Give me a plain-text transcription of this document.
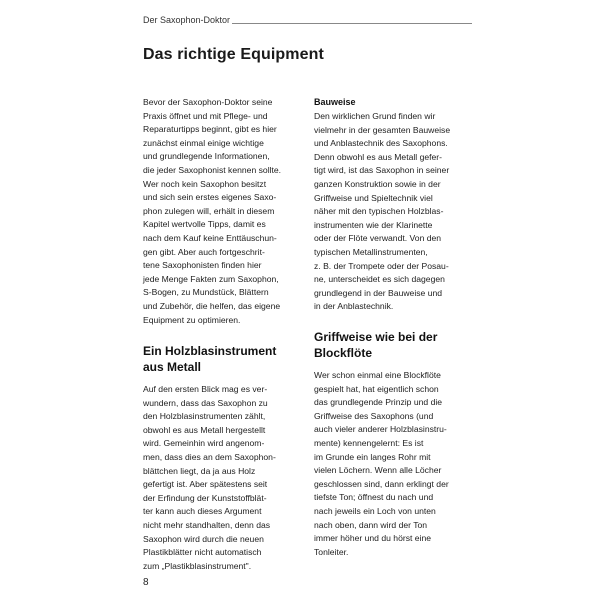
Der Saxophon-Doktor
Das richtige Equipment

Bevor der Saxophon-Doktor seine

Praxis öffnet und mit Pflege- und

Reparaturtipps beginnt, gibt es hier

zunächst einmal einige wichtige

und grundlegende Informationen,

die jeder Saxophonist kennen sollte.

Wer noch kein Saxophon besitzt

und sich sein erstes eigenes Saxo-

phon zulegen will, erhält in diesem

Kapitel wertvolle Tipps, damit es

nach dem Kauf keine Enttäuschun-

gen gibt. Aber auch fortgeschrit-

tene Saxophonisten finden hier

jede Menge Fakten zum Saxophon,

S-Bogen, zu Mundstück, Blättern

und Zubehör, die helfen, das eigene

Equipment zu optimieren.

Ein Holzblasinstrument

aus Metall

Auf den ersten Blick mag es ver-

wundern, dass das Saxophon zu

den Holzblasinstrumenten zählt,

obwohl es aus Metall hergestellt

wird. Gemeinhin wird angenom-

men, dass dies an dem Saxophon-

blättchen liegt, da ja aus Holz

gefertigt ist. Aber spätestens seit

der Erfindung der Kunststoffblät-

ter kann auch dieses Argument

nicht mehr standhalten, denn das

Saxophon wird durch die neuen

Plastikblätter nicht automatisch

zum „Plastikblasinstrument".

Bauweise

Den wirklichen Grund finden wir

vielmehr in der gesamten Bauweise

und Anblastechnik des Saxophons.

Denn obwohl es aus Metall gefer-

tigt wird, ist das Saxophon in seiner

ganzen Konstruktion sowie in der

Griffweise und Spieltechnik viel

näher mit den typischen Holzblas-

instrumenten wie der Klarinette

oder der Flöte verwandt. Von den

typischen Metallinstrumenten,

z. B. der Trompete oder der Posau-

ne, unterscheidet es sich dagegen

grundlegend in der Bauweise und

in der Anblastechnik.

Griffweise wie bei der

Blockflöte

Wer schon einmal eine Blockflöte

gespielt hat, hat eigentlich schon

das grundlegende Prinzip und die

Griffweise des Saxophons (und

auch vieler anderer Holzblasinstru-

mente) kennengelernt: Es ist

im Grunde ein langes Rohr mit

vielen Löchern. Wenn alle Löcher

geschlossen sind, dann erklingt der

tiefste Ton; öffnest du nach und

nach jeweils ein Loch von unten

nach oben, dann wird der Ton

immer höher und du hörst eine

Tonleiter.

8
